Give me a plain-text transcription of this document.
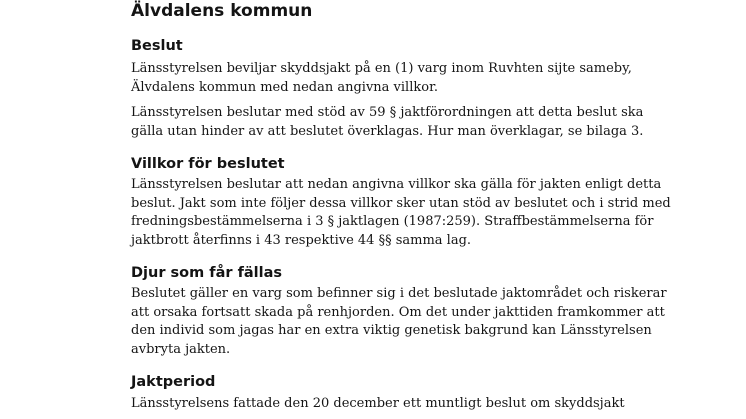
Älvdalens kommun
Beslut

Länsstyrelsen beviljar skyddsjakt på en (1) varg inom Ruvhten sijte sameby,
Älvdalens kommun med nedan angivna villkor.

Länsstyrelsen beslutar med stöd av 59 § jaktförordningen att detta beslut ska
gälla utan hinder av att beslutet överklagas. Hur man överklagar, se bilaga 3.

Villkor för beslutet

Länsstyrelsen beslutar att nedan angivna villkor ska gälla för jakten enligt detta
beslut. Jakt som inte följer dessa villkor sker utan stöd av beslutet och i strid med
fredningsbestämmelserna i 3 § jaktlagen (1987:259). Straffbestämmelserna för
jaktbrott återfinns i 43 respektive 44 §§ samma lag.

Djur som får fällas

Beslutet gäller en varg som befinner sig i det beslutade jaktområdet och riskerar
att orsaka fortsatt skada på renhjorden. Om det under jakttiden framkommer att
den individ som jagas har en extra viktig genetisk bakgrund kan Länsstyrelsen
avbryta jakten.

Jaktperiod

Länsstyrelsens fattade den 20 december ett muntligt beslut om skyddsjakt
